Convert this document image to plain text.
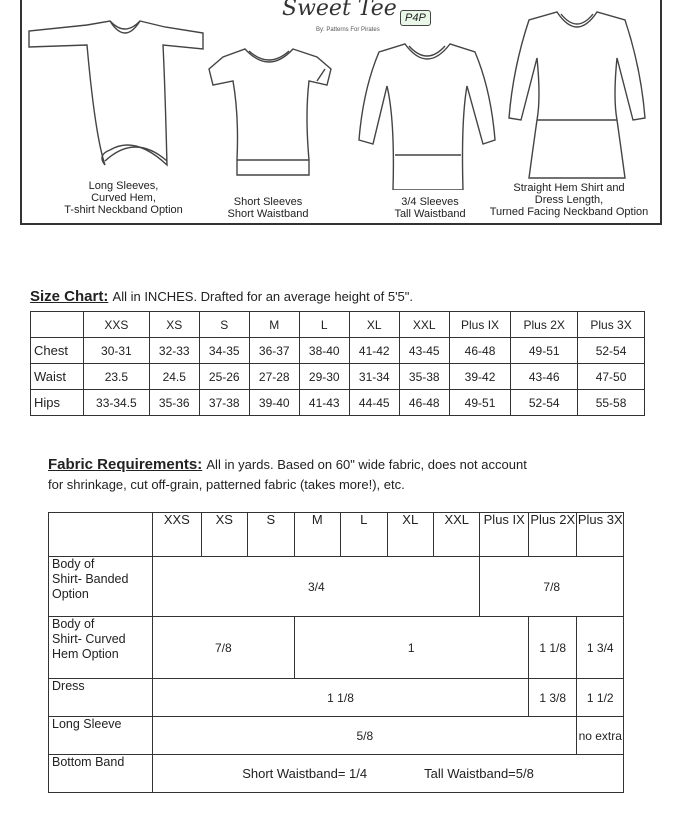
Sweet Tee
By: Patterns For Pirates
P4P
Long Sleeves,
Curved Hem,
T-shirt Neckband Option
Short Sleeves
Short Waistband
3/4 Sleeves
Tall Waistband
Straight Hem Shirt and
Dress Length,
Turned Facing Neckband Option
Size Chart: All in INCHES. Drafted for an average height of 5'5".
	XXS	XS	S	M	L	XL	XXL	Plus IX	Plus 2X	Plus 3X
Chest	30-31	32-33	34-35	36-37	38-40	41-42	43-45	46-48	49-51	52-54
Waist	23.5	24.5	25-26	27-28	29-30	31-34	35-38	39-42	43-46	47-50
Hips	33-34.5	35-36	37-38	39-40	41-43	44-45	46-48	49-51	52-54	55-58
Fabric Requirements: All in yards. Based on 60" wide fabric, does not account
for shrinkage, cut off-grain, patterned fabric (takes more!), etc.
	XXS	XS	S	M	L	XL	XXL	Plus IX	Plus 2X	Plus 3X

Body of
Shirt- Banded
Option	3/4							7/8		

Body of
Shirt- Curved
Hem Option	7/8			1					1 1/8	1 3/4
Dress	1 1/8								1 3/8	1 1/2
Long Sleeve	5/8									no extra
Bottom Band	Short Waistband= 1/4 Tall Waistband=5/8									
